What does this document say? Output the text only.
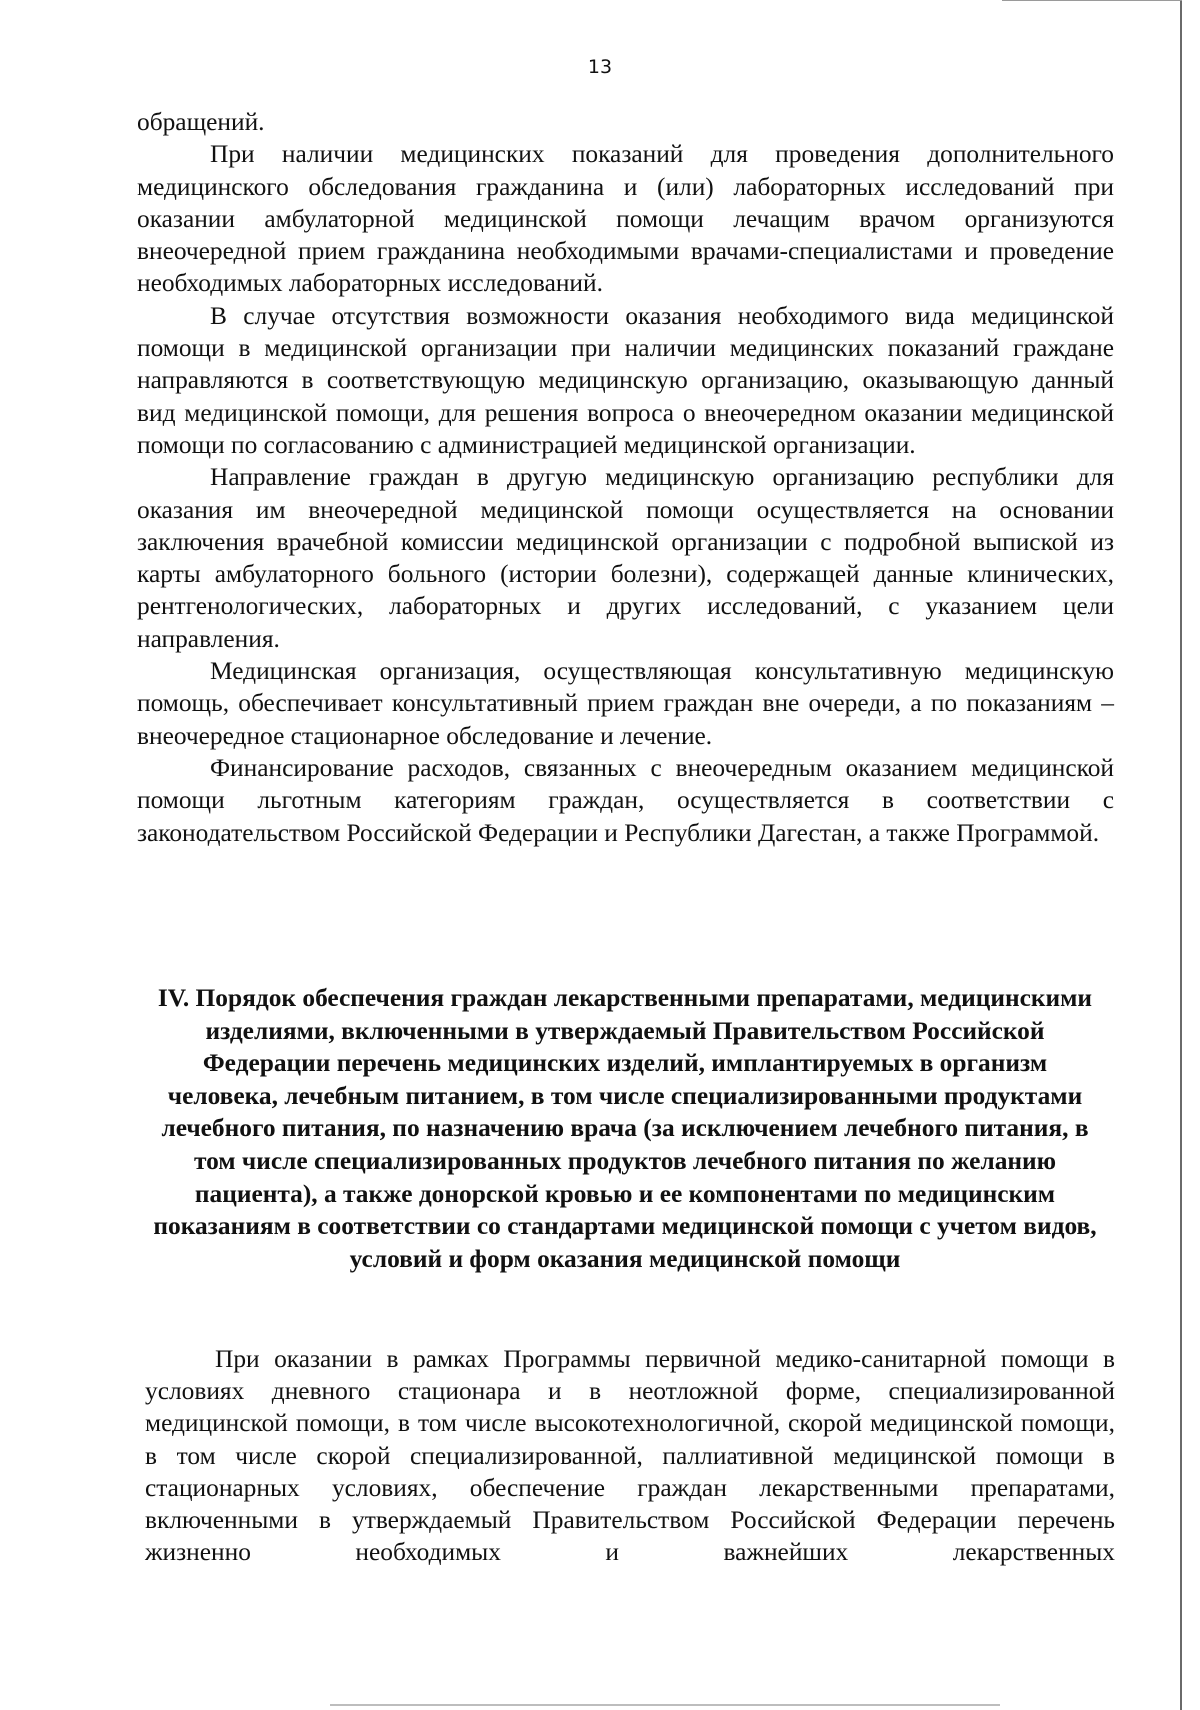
13

обращений.

При наличии медицинских показаний для проведения дополнительного медицинского обследования гражданина и (или) лабораторных исследований при оказании амбулаторной медицинской помощи лечащим врачом организуются внеочередной прием гражданина необходимыми врачами-специалистами и проведение необходимых лабораторных исследований.

В случае отсутствия возможности оказания необходимого вида медицинской помощи в медицинской организации при наличии медицинских показаний граждане направляются в соответствующую медицинскую организацию, оказывающую данный вид медицинской помощи, для решения вопроса о внеочередном оказании медицинской помощи по согласованию с администрацией медицинской организации.

Направление граждан в другую медицинскую организацию республики для оказания им внеочередной медицинской помощи осуществляется на основании заключения врачебной комиссии медицинской организации с подробной выпиской из карты амбулаторного больного (истории болезни), содержащей данные клинических, рентгенологических, лабораторных и других исследований, с указанием цели направления.

Медицинская организация, осуществляющая консультативную медицинскую помощь, обеспечивает консультативный прием граждан вне очереди, а по показаниям – внеочередное стационарное обследование и лечение.

Финансирование расходов, связанных с внеочередным оказанием медицинской помощи льготным категориям граждан, осуществляется в соответствии с законодательством Российской Федерации и Республики Дагестан, а также Программой.

IV. Порядок обеспечения граждан лекарственными препаратами, медицинскими изделиями, включенными в утверждаемый Правительством Российской Федерации перечень медицинских изделий, имплантируемых в организм человека, лечебным питанием, в том числе специализированными продуктами лечебного питания, по назначению врача (за исключением лечебного питания, в том числе специализированных продуктов лечебного питания по желанию пациента), а также донорской кровью и ее компонентами по медицинским показаниям в соответствии со стандартами медицинской помощи с учетом видов, условий и форм оказания медицинской помощи

При оказании в рамках Программы первичной медико-санитарной помощи в условиях дневного стационара и в неотложной форме, специализированной медицинской помощи, в том числе высокотехнологичной, скорой медицинской помощи, в том числе скорой специализированной, паллиативной медицинской помощи в стационарных условиях, обеспечение граждан лекарственными препаратами, включенными в утверждаемый Правительством Российской Федерации перечень жизненно необходимых и важнейших лекарственных
